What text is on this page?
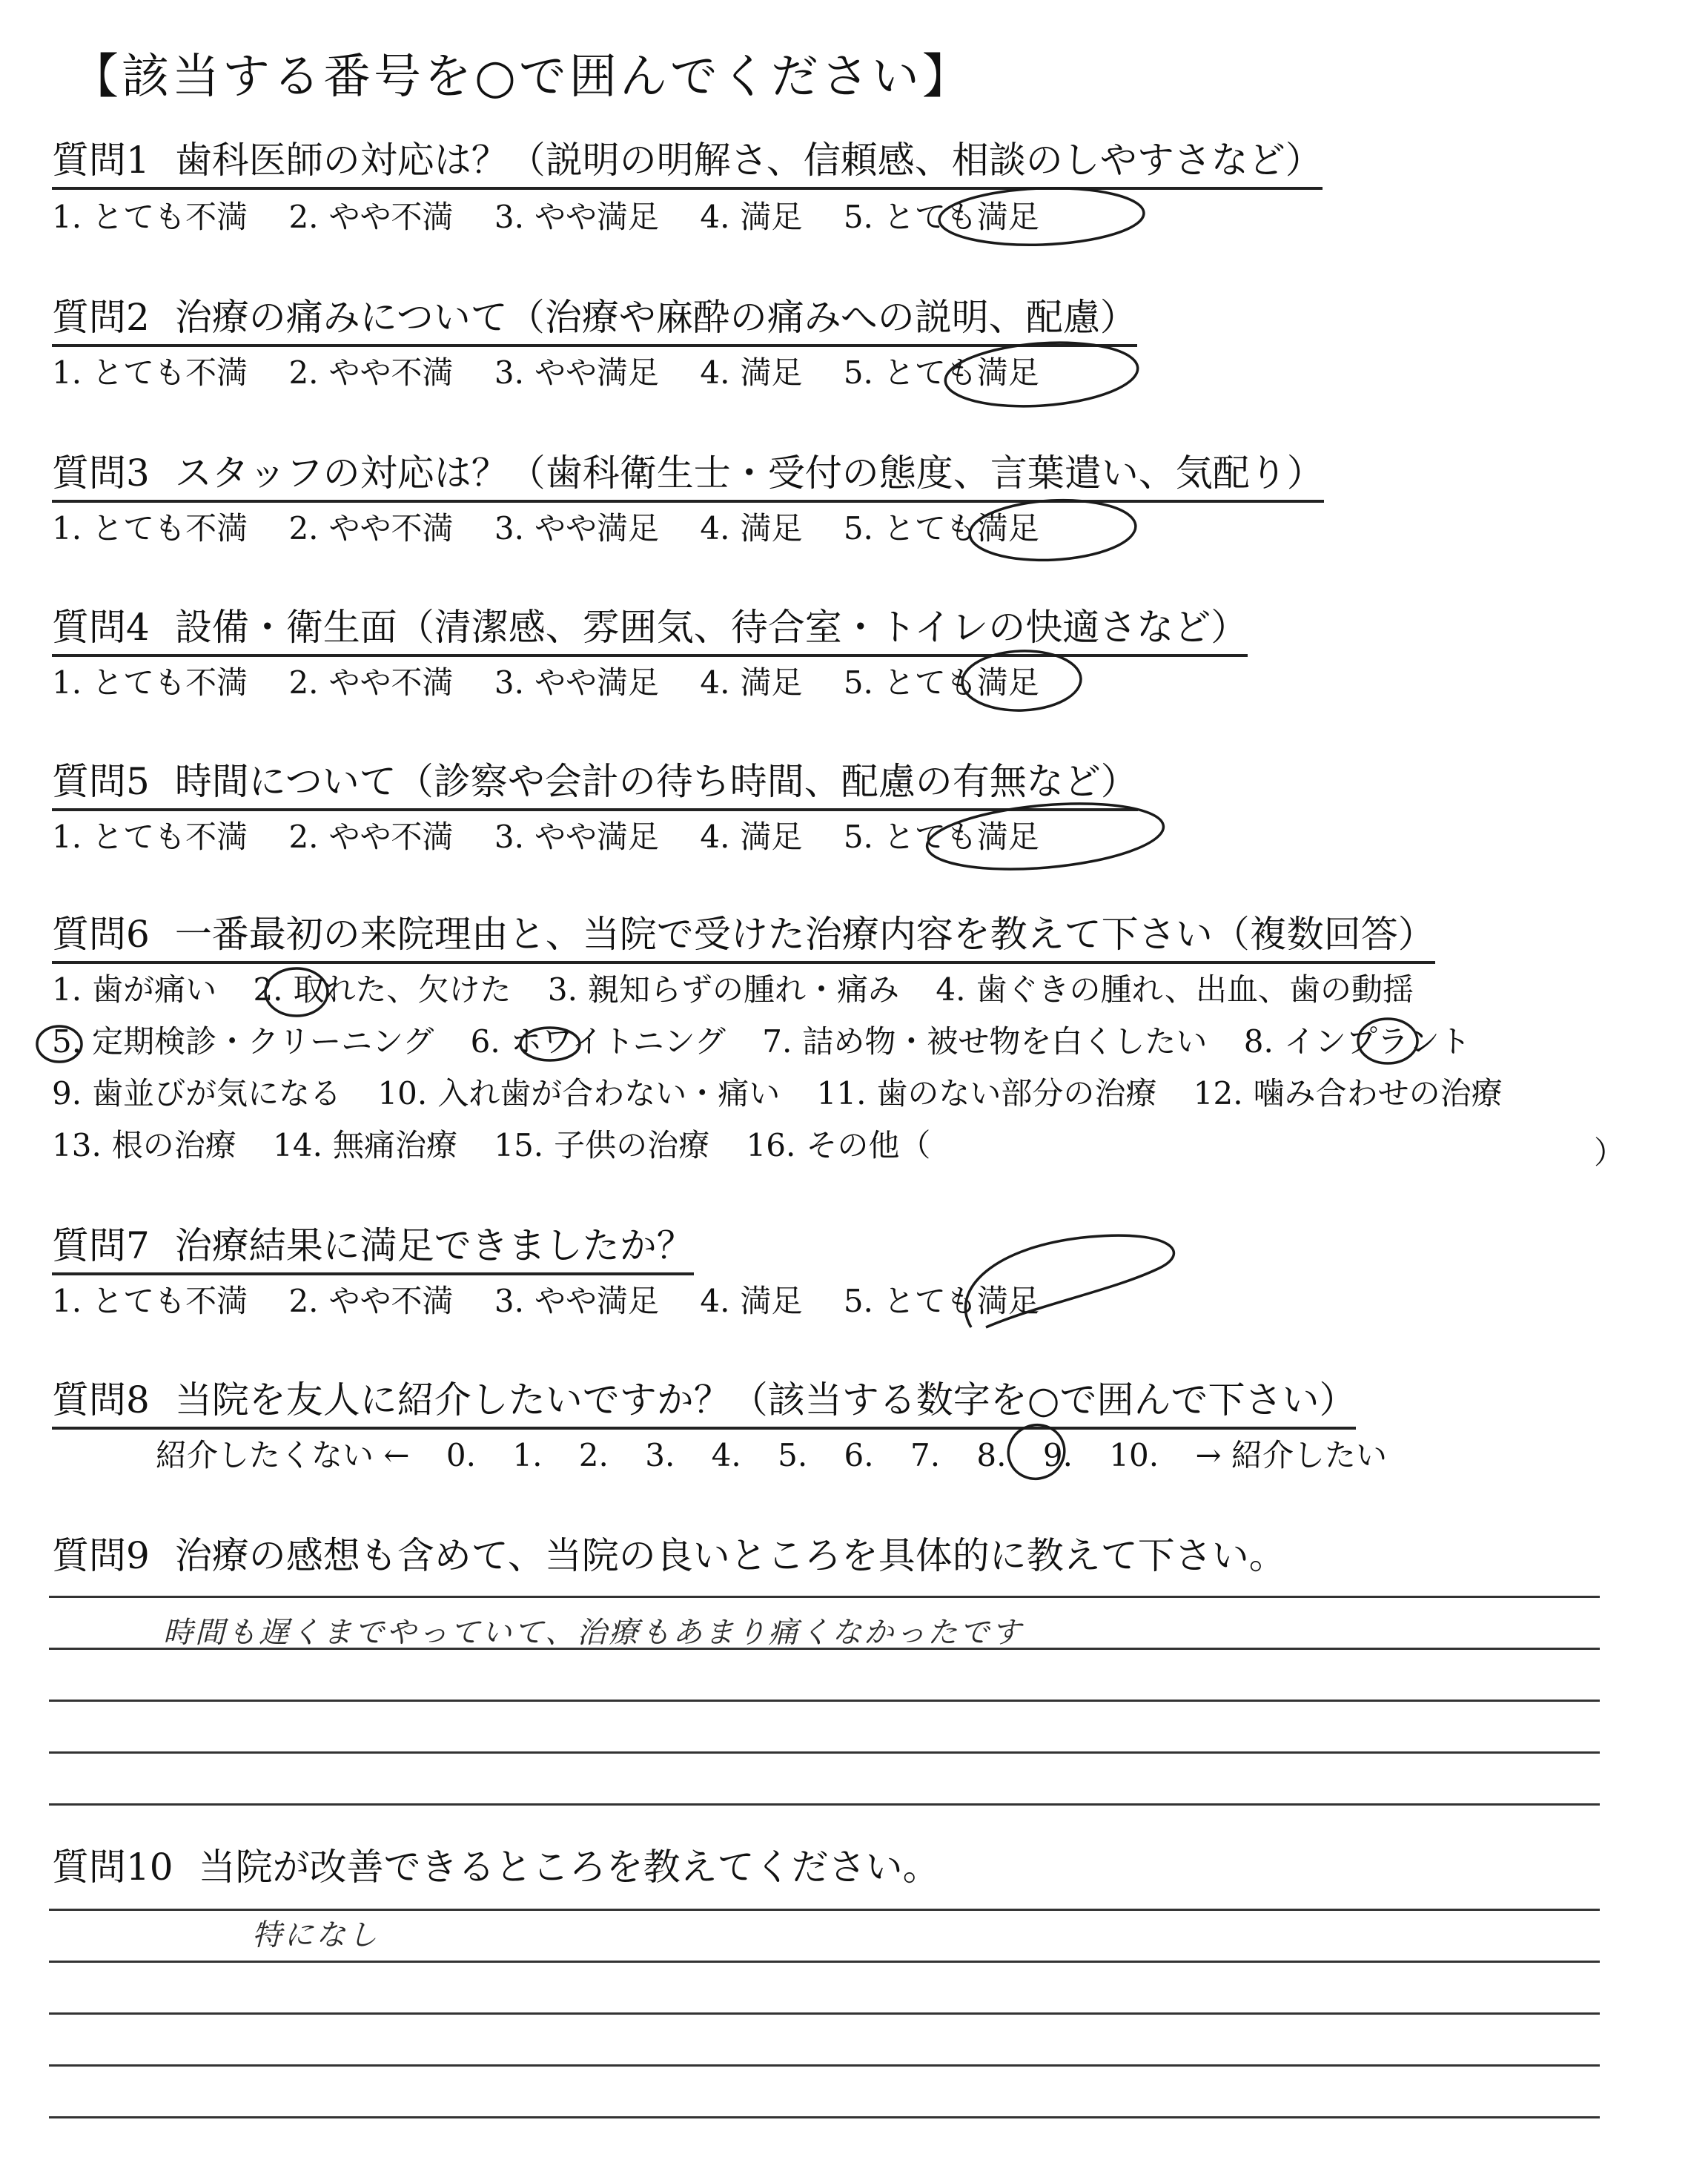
【該当する番号を○で囲んでください】
質問1 歯科医師の対応は？（説明の明解さ、信頼感、相談のしやすさなど）
1. とても不満 2. やや不満 3. やや満足 4. 満足 5. とても満足
質問2 治療の痛みについて（治療や麻酔の痛みへの説明、配慮）
1. とても不満 2. やや不満 3. やや満足 4. 満足 5. とても満足
質問3 スタッフの対応は？（歯科衛生士・受付の態度、言葉遣い、気配り）
1. とても不満 2. やや不満 3. やや満足 4. 満足 5. とても満足
質問4 設備・衛生面（清潔感、雰囲気、待合室・トイレの快適さなど）
1. とても不満 2. やや不満 3. やや満足 4. 満足 5. とても満足
質問5 時間について（診察や会計の待ち時間、配慮の有無など）
1. とても不満 2. やや不満 3. やや満足 4. 満足 5. とても満足
質問6 一番最初の来院理由と、当院で受けた治療内容を教えて下さい（複数回答）
1. 歯が痛い 2. 取れた、欠けた 3. 親知らずの腫れ・痛み 4. 歯ぐきの腫れ、出血、歯の動揺
5. 定期検診・クリーニング 6. ホワイトニング 7. 詰め物・被せ物を白くしたい 8. インプラント
9. 歯並びが気になる 10. 入れ歯が合わない・痛い 11. 歯のない部分の治療 12. 噛み合わせの治療
13. 根の治療 14. 無痛治療 15. 子供の治療 16. その他（	）
質問7 治療結果に満足できましたか？
1. とても不満 2. やや不満 3. やや満足 4. 満足 5. とても満足
質問8 当院を友人に紹介したいですか？（該当する数字を○で囲んで下さい）
紹介したくない ← 0. 1. 2. 3. 4. 5. 6. 7. 8. 9. 10. → 紹介したい
質問9 治療の感想も含めて、当院の良いところを具体的に教えて下さい。
時間も遅くまでやっていて、治療もあまり痛くなかったです
質問10 当院が改善できるところを教えてください。
特になし
